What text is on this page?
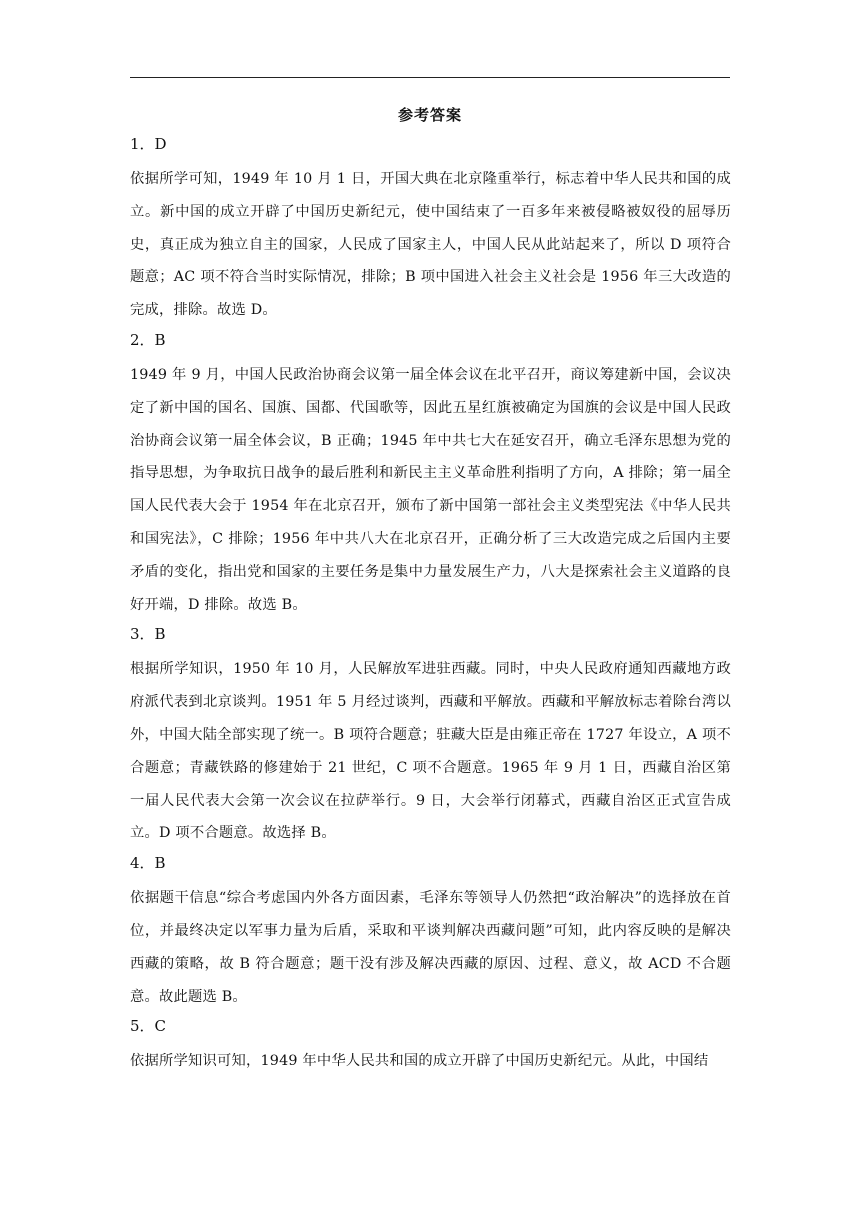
参考答案
1．D
依据所学可知，1949 年 10 月 1 日，开国大典在北京隆重举行，标志着中华人民共和国的成立。新中国的成立开辟了中国历史新纪元，使中国结束了一百多年来被侵略被奴役的屈辱历史，真正成为独立自主的国家，人民成了国家主人，中国人民从此站起来了，所以 D 项符合题意；AC 项不符合当时实际情况，排除；B 项中国进入社会主义社会是 1956 年三大改造的完成，排除。故选 D。
2．B
1949 年 9 月，中国人民政治协商会议第一届全体会议在北平召开，商议筹建新中国，会议决定了新中国的国名、国旗、国都、代国歌等，因此五星红旗被确定为国旗的会议是中国人民政治协商会议第一届全体会议，B 正确；1945 年中共七大在延安召开，确立毛泽东思想为党的指导思想，为争取抗日战争的最后胜利和新民主主义革命胜利指明了方向，A 排除；第一届全国人民代表大会于 1954 年在北京召开，颁布了新中国第一部社会主义类型宪法《中华人民共和国宪法》，C 排除；1956 年中共八大在北京召开，正确分析了三大改造完成之后国内主要矛盾的变化，指出党和国家的主要任务是集中力量发展生产力，八大是探索社会主义道路的良好开端，D 排除。故选 B。
3．B
根据所学知识，1950 年 10 月，人民解放军进驻西藏。同时，中央人民政府通知西藏地方政府派代表到北京谈判。1951 年 5 月经过谈判，西藏和平解放。西藏和平解放标志着除台湾以外，中国大陆全部实现了统一。B 项符合题意；驻藏大臣是由雍正帝在 1727 年设立，A 项不合题意；青藏铁路的修建始于 21 世纪，C 项不合题意。1965 年 9 月 1 日，西藏自治区第一届人民代表大会第一次会议在拉萨举行。9 日，大会举行闭幕式，西藏自治区正式宣告成立。D 项不合题意。故选择 B。
4．B
依据题干信息“综合考虑国内外各方面因素，毛泽东等领导人仍然把“政治解决”的选择放在首位，并最终决定以军事力量为后盾，采取和平谈判解决西藏问题”可知，此内容反映的是解决西藏的策略，故 B 符合题意；题干没有涉及解决西藏的原因、过程、意义，故 ACD 不合题意。故此题选 B。
5．C
依据所学知识可知，1949 年中华人民共和国的成立开辟了中国历史新纪元。从此，中国结
